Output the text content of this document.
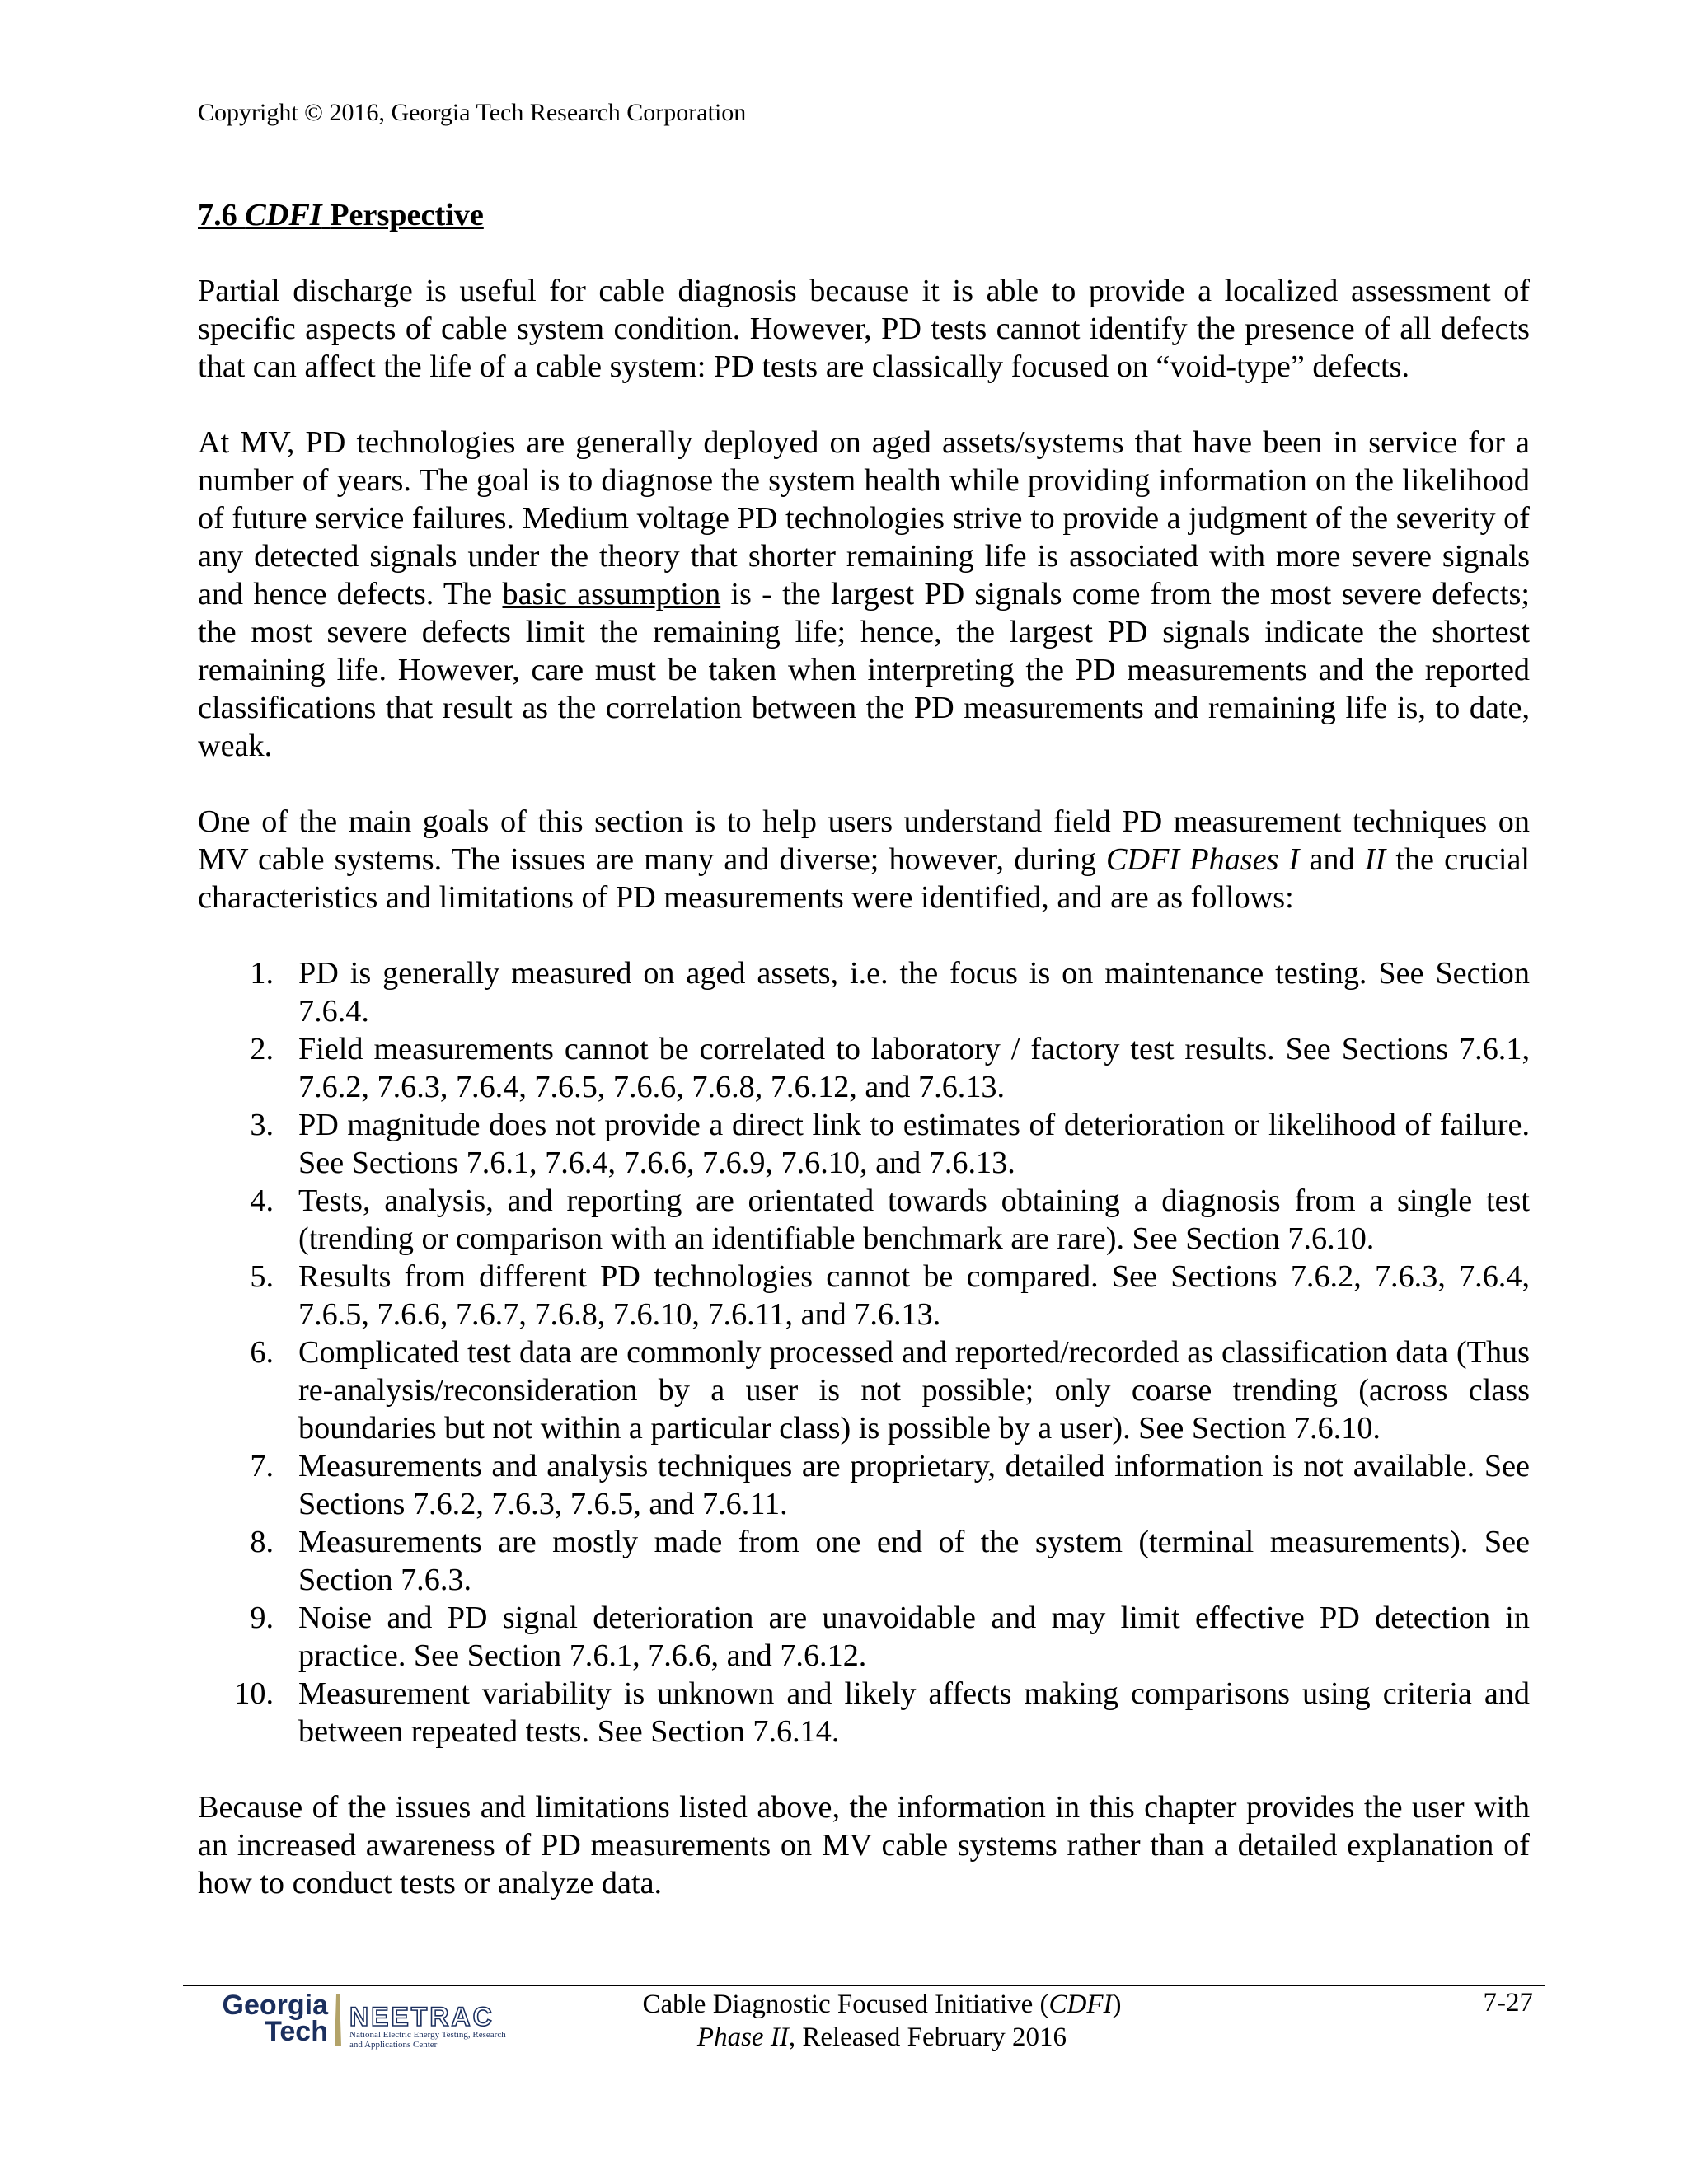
Copyright © 2016, Georgia Tech Research Corporation
7.6 CDFI Perspective

Partial discharge is useful for cable diagnosis because it is able to provide a localized assessment of specific aspects of cable system condition. However, PD tests cannot identify the presence of all defects that can affect the life of a cable system: PD tests are classically focused on “void-type” defects.

At MV, PD technologies are generally deployed on aged assets/systems that have been in service for a number of years. The goal is to diagnose the system health while providing information on the likelihood of future service failures. Medium voltage PD technologies strive to provide a judgment of the severity of any detected signals under the theory that shorter remaining life is associated with more severe signals and hence defects. The basic assumption is - the largest PD signals come from the most severe defects; the most severe defects limit the remaining life; hence, the largest PD signals indicate the shortest remaining life. However, care must be taken when interpreting the PD measurements and the reported classifications that result as the correlation between the PD measurements and remaining life is, to date, weak.

One of the main goals of this section is to help users understand field PD measurement techniques on MV cable systems. The issues are many and diverse; however, during CDFI Phases I and II the crucial characteristics and limitations of PD measurements were identified, and are as follows:

1. PD is generally measured on aged assets, i.e. the focus is on maintenance testing. See Section 7.6.4.
2. Field measurements cannot be correlated to laboratory / factory test results. See Sections 7.6.1, 7.6.2, 7.6.3, 7.6.4, 7.6.5, 7.6.6, 7.6.8, 7.6.12, and 7.6.13.
3. PD magnitude does not provide a direct link to estimates of deterioration or likelihood of failure. See Sections 7.6.1, 7.6.4, 7.6.6, 7.6.9, 7.6.10, and 7.6.13.
4. Tests, analysis, and reporting are orientated towards obtaining a diagnosis from a single test (trending or comparison with an identifiable benchmark are rare). See Section 7.6.10.
5. Results from different PD technologies cannot be compared. See Sections 7.6.2, 7.6.3, 7.6.4, 7.6.5, 7.6.6, 7.6.7, 7.6.8, 7.6.10, 7.6.11, and 7.6.13.
6. Complicated test data are commonly processed and reported/recorded as classification data (Thus re-analysis/reconsideration by a user is not possible; only coarse trending (across class boundaries but not within a particular class) is possible by a user). See Section 7.6.10.
7. Measurements and analysis techniques are proprietary, detailed information is not available. See Sections 7.6.2, 7.6.3, 7.6.5, and 7.6.11.
8. Measurements are mostly made from one end of the system (terminal measurements). See Section 7.6.3.
9. Noise and PD signal deterioration are unavoidable and may limit effective PD detection in practice. See Section 7.6.1, 7.6.6, and 7.6.12.
10. Measurement variability is unknown and likely affects making comparisons using criteria and between repeated tests. See Section 7.6.14.

Because of the issues and limitations listed above, the information in this chapter provides the user with an increased awareness of PD measurements on MV cable systems rather than a detailed explanation of how to conduct tests or analyze data.

Georgia
Tech NEETRAC
National Electric Energy Testing, Research
and Applications Center
Cable Diagnostic Focused Initiative (CDFI)
Phase II, Released February 2016
7-27
